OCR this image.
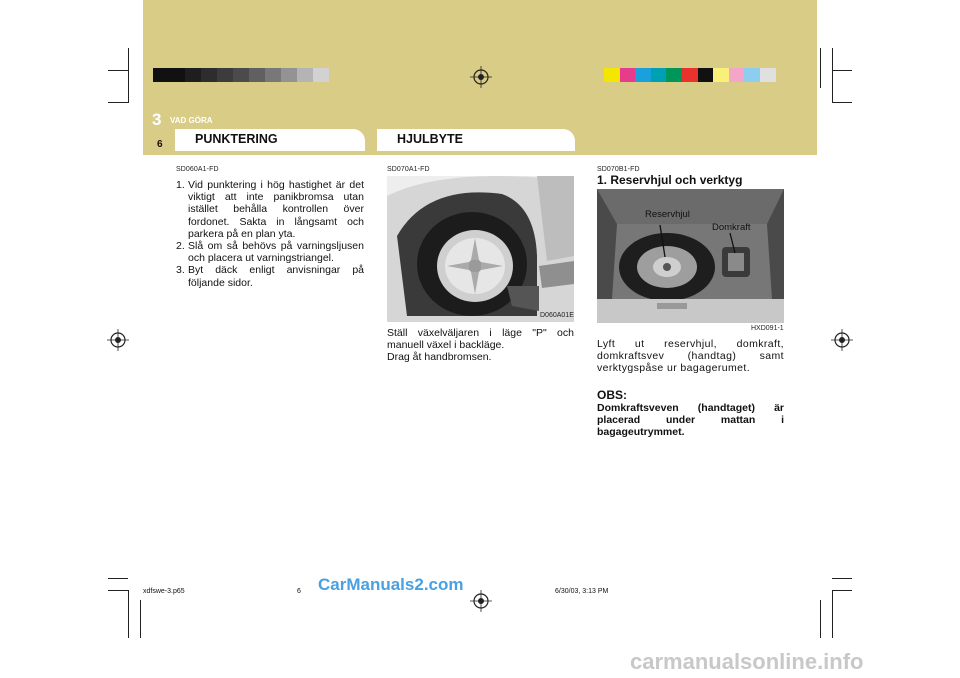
3 VAD GÖRA
6	PUNKTERING	HJULBYTE
SD060A1-FD
1. Vid punktering i hög hastighet är det viktigt att inte panikbromsa utan istället behålla kontrollen över fordonet. Sakta in långsamt och parkera på en plan yta.
2. Slå om så behövs på varningsljusen och placera ut varningstriangel.
3. Byt däck enligt anvisningar på följande sidor.
SD070A1-FD
D060A01E
Ställ växelväljaren i läge "P" och manuell växel i backläge.
Drag åt handbromsen.
SD070B1-FD
1. Reservhjul och verktyg
Reservhjul
Domkraft
HXD091-1
Lyft ut reservhjul, domkraft, domkraftsvev (handtag) samt verktygspåse ur bagagerumet.
OBS:
Domkraftsveven (handtaget) är placerad under mattan i bagageutrymmet.
xdfswe-3.p65	6	6/30/03, 3:13 PM
CarManuals2.com
carmanualsonline.info
